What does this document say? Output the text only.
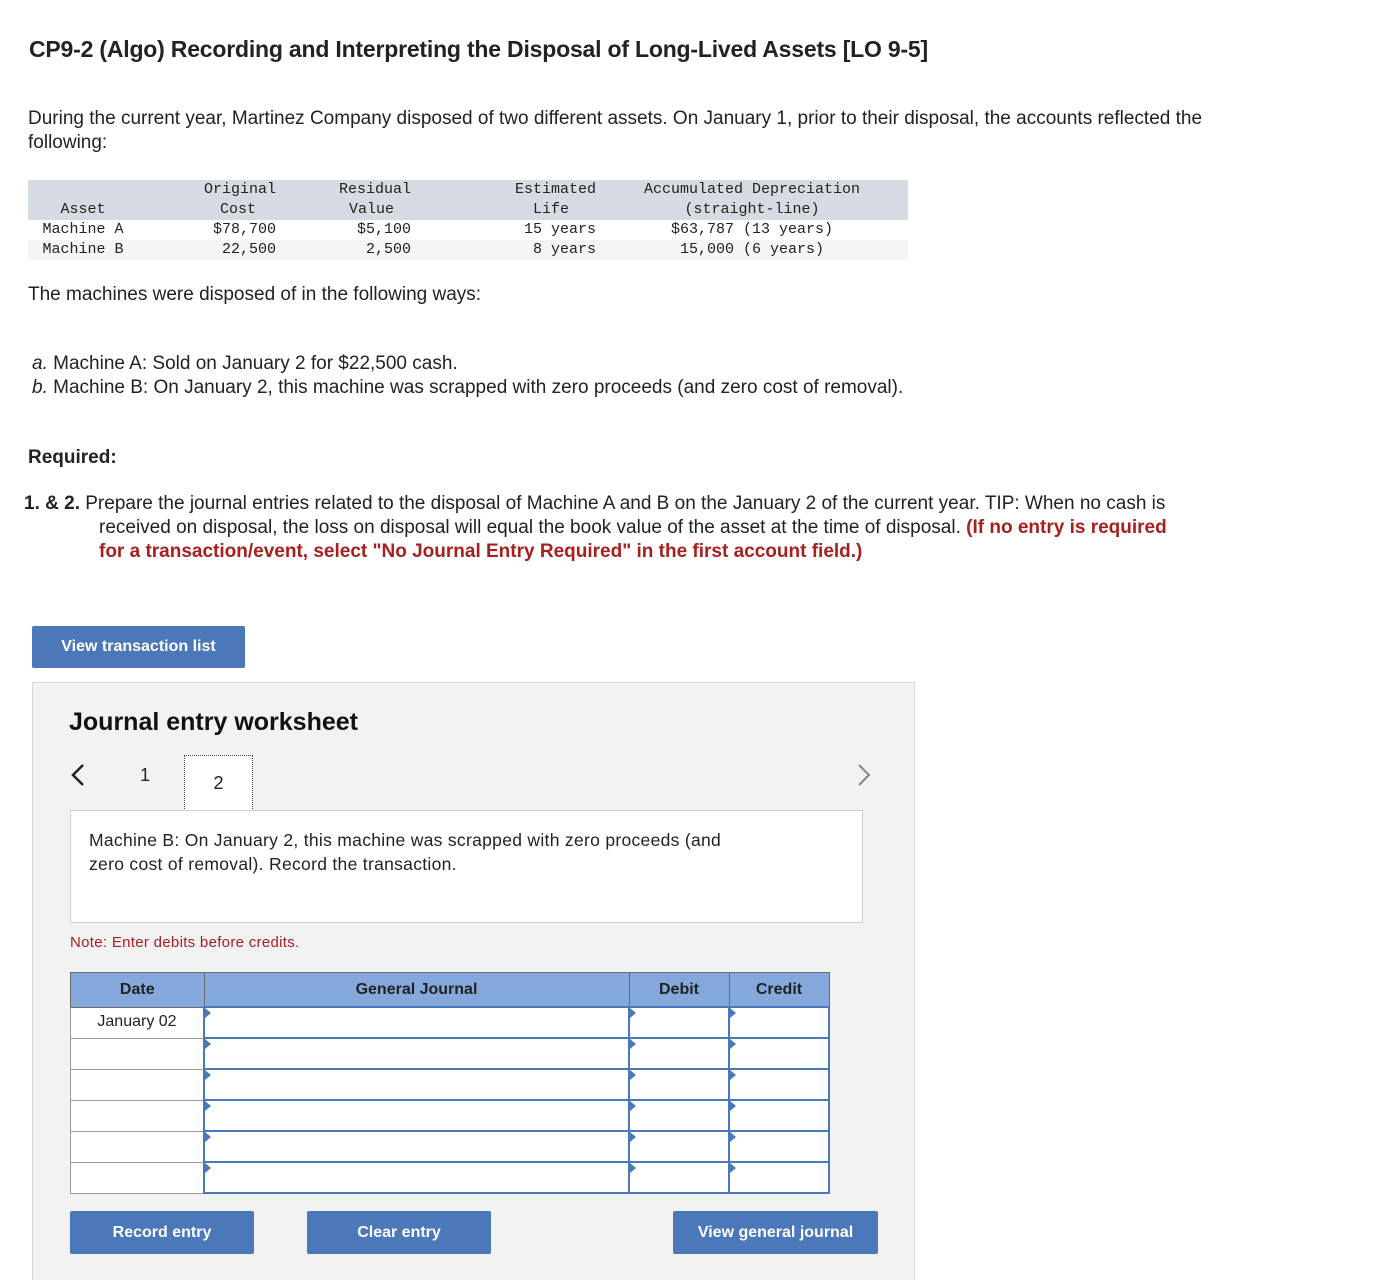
CP9-2 (Algo) Recording and Interpreting the Disposal of Long-Lived Assets [LO 9-5]

During the current year, Martinez Company disposed of two different assets. On January 1, prior to their disposal, the accounts reflected the following:

	Original	Residual	Estimated	Accumulated Depreciation
Asset	Cost	Value	Life	(straight-line)
Machine A	$78,700	$5,100	15 years	$63,787 (13 years)
Machine B	22,500	2,500	8 years	15,000 (6 years)

The machines were disposed of in the following ways:

a. Machine A: Sold on January 2 for $22,500 cash.
b. Machine B: On January 2, this machine was scrapped with zero proceeds (and zero cost of removal).

Required:

1. & 2. Prepare the journal entries related to the disposal of Machine A and B on the January 2 of the current year. TIP: When no cash is
received on disposal, the loss on disposal will equal the book value of the asset at the time of disposal. (If no entry is required
for a transaction/event, select "No Journal Entry Required" in the first account field.)
View transaction list
Journal entry worksheet
1	2
Machine B: On January 2, this machine was scrapped with zero proceeds (and
zero cost of removal). Record the transaction.
Note: Enter debits before credits.
Date	General Journal	Debit	Credit

January 02			

Record entry	Clear entry	View general journal
